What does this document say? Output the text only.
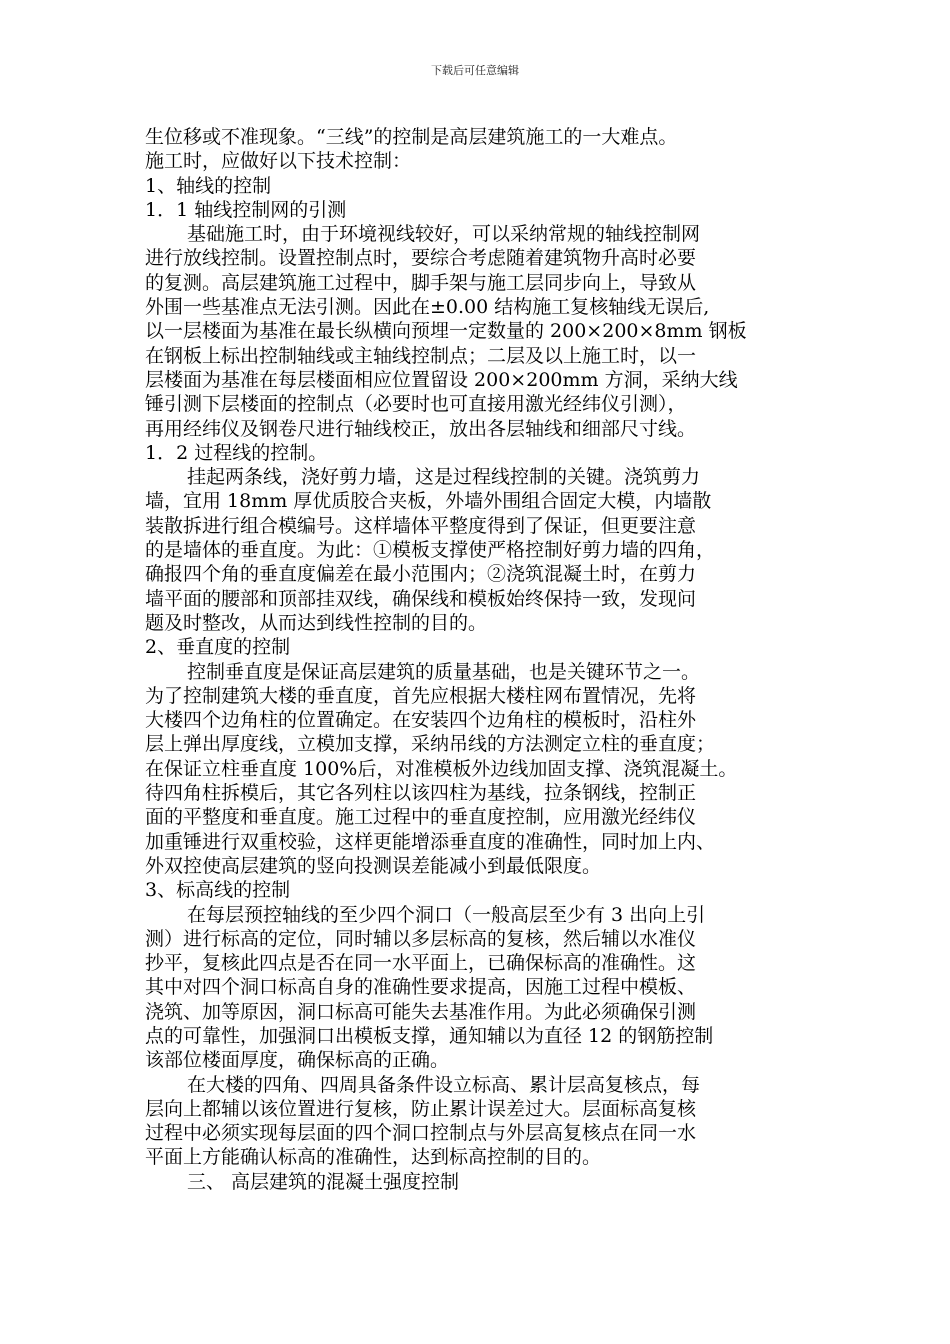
下载后可任意编辑
生位移或不准现象。“三线”的控制是高层建筑施工的一大难点。
施工时，应做好以下技术控制：
1、轴线的控制
1．1 轴线控制网的引测
基础施工时，由于环境视线较好，可以采纳常规的轴线控制网
进行放线控制。设置控制点时，要综合考虑随着建筑物升高时必要
的复测。高层建筑施工过程中，脚手架与施工层同步向上，导致从
外围一些基准点无法引测。因此在±0.00 结构施工复核轴线无误后,
以一层楼面为基准在最长纵横向预埋一定数量的 200×200×8mm 钢板
在钢板上标出控制轴线或主轴线控制点；二层及以上施工时，以一
层楼面为基准在每层楼面相应位置留设 200×200mm 方洞，采纳大线
锤引测下层楼面的控制点（必要时也可直接用激光经纬仪引测），
再用经纬仪及钢卷尺进行轴线校正，放出各层轴线和细部尺寸线。
1．2 过程线的控制。
挂起两条线，浇好剪力墙，这是过程线控制的关键。浇筑剪力
墙，宜用 18mm 厚优质胶合夹板，外墙外围组合固定大模，内墙散
装散拆进行组合模编号。这样墙体平整度得到了保证，但更要注意
的是墙体的垂直度。为此：①模板支撑使严格控制好剪力墙的四角，
确报四个角的垂直度偏差在最小范围内；②浇筑混凝土时，在剪力
墙平面的腰部和顶部挂双线，确保线和模板始终保持一致，发现问
题及时整改，从而达到线性控制的目的。
2、垂直度的控制
控制垂直度是保证高层建筑的质量基础，也是关键环节之一。
为了控制建筑大楼的垂直度，首先应根据大楼柱网布置情况，先将
大楼四个边角柱的位置确定。在安装四个边角柱的模板时，沿柱外
层上弹出厚度线，立模加支撑，采纳吊线的方法测定立柱的垂直度；
在保证立柱垂直度 100%后，对准模板外边线加固支撑、浇筑混凝土。
待四角柱拆模后，其它各列柱以该四柱为基线，拉条钢线，控制正
面的平整度和垂直度。施工过程中的垂直度控制，应用激光经纬仪
加重锤进行双重校验，这样更能增添垂直度的准确性，同时加上内、
外双控使高层建筑的竖向投测误差能减小到最低限度。
3、标高线的控制
在每层预控轴线的至少四个洞口（一般高层至少有 3 出向上引
测）进行标高的定位，同时辅以多层标高的复核，然后辅以水准仪
抄平，复核此四点是否在同一水平面上，已确保标高的准确性。这
其中对四个洞口标高自身的准确性要求提高，因施工过程中模板、
浇筑、加等原因，洞口标高可能失去基准作用。为此必须确保引测
点的可靠性，加强洞口出模板支撑，通知辅以为直径 12 的钢筋控制
该部位楼面厚度，确保标高的正确。
在大楼的四角、四周具备条件设立标高、累计层高复核点，每
层向上都辅以该位置进行复核，防止累计误差过大。层面标高复核
过程中必须实现每层面的四个洞口控制点与外层高复核点在同一水
平面上方能确认标高的准确性，达到标高控制的目的。
三、 高层建筑的混凝土强度控制
